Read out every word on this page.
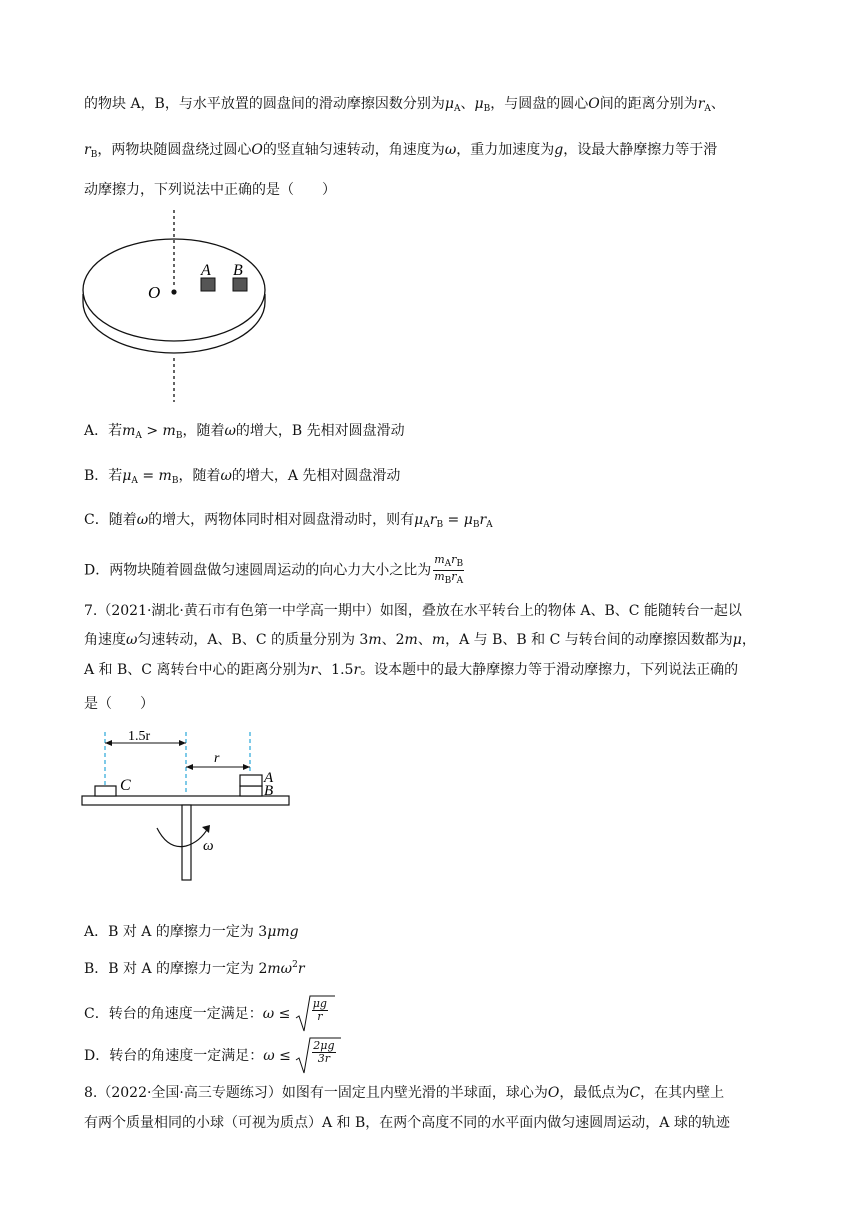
的物块 A，B，与水平放置的圆盘间的滑动摩擦因数分别为$\mu_A$、$\mu_B$，与圆盘的圆心O间的距离分别为$r_A$、
$r_B$，两物块随圆盘绕过圆心O的竖直轴匀速转动，角速度为ω，重力加速度为g，设最大静摩擦力等于滑
动摩擦力，下列说法中正确的是（　　）
O
A B
A．若$m_A > m_B$，随着ω的增大，B 先相对圆盘滑动
B．若$\mu_A = m_B$，随着ω的增大，A 先相对圆盘滑动
C．随着ω的增大，两物体同时相对圆盘滑动时，则有$\mu_Ar_B = \mu_Br_A$
D．两物块随着圆盘做匀速圆周运动的向心力大小之比为 $\frac{m_Ar_B}{m_Br_A}$
7.（2021·湖北·黄石市有色第一中学高一期中）如图，叠放在水平转台上的物体 A、B、C 能随转台一起以
角速度ω匀速转动，A、B、C 的质量分别为 3m、2m、m，A 与 B、B 和 C 与转台间的动摩擦因数都为μ，
A 和 B、C 离转台中心的距离分别为r、1.5r。设本题中的最大静摩擦力等于滑动摩擦力，下列说法正确的
是（　　）
1.5r
r
C	A
B
ω
A．B 对 A 的摩擦力一定为 3μmg
B．B 对 A 的摩擦力一定为 $2m\omega^2r$
C．转台的角速度一定满足：$\omega \le \frac{\mu g}{r}$
D．转台的角速度一定满足：$\omega \le \frac{2\mu g}{3r}$
8.（2022·全国·高三专题练习）如图有一固定且内壁光滑的半球面，球心为O，最低点为C，在其内壁上
有两个质量相同的小球（可视为质点）A 和 B，在两个高度不同的水平面内做匀速圆周运动，A 球的轨迹
